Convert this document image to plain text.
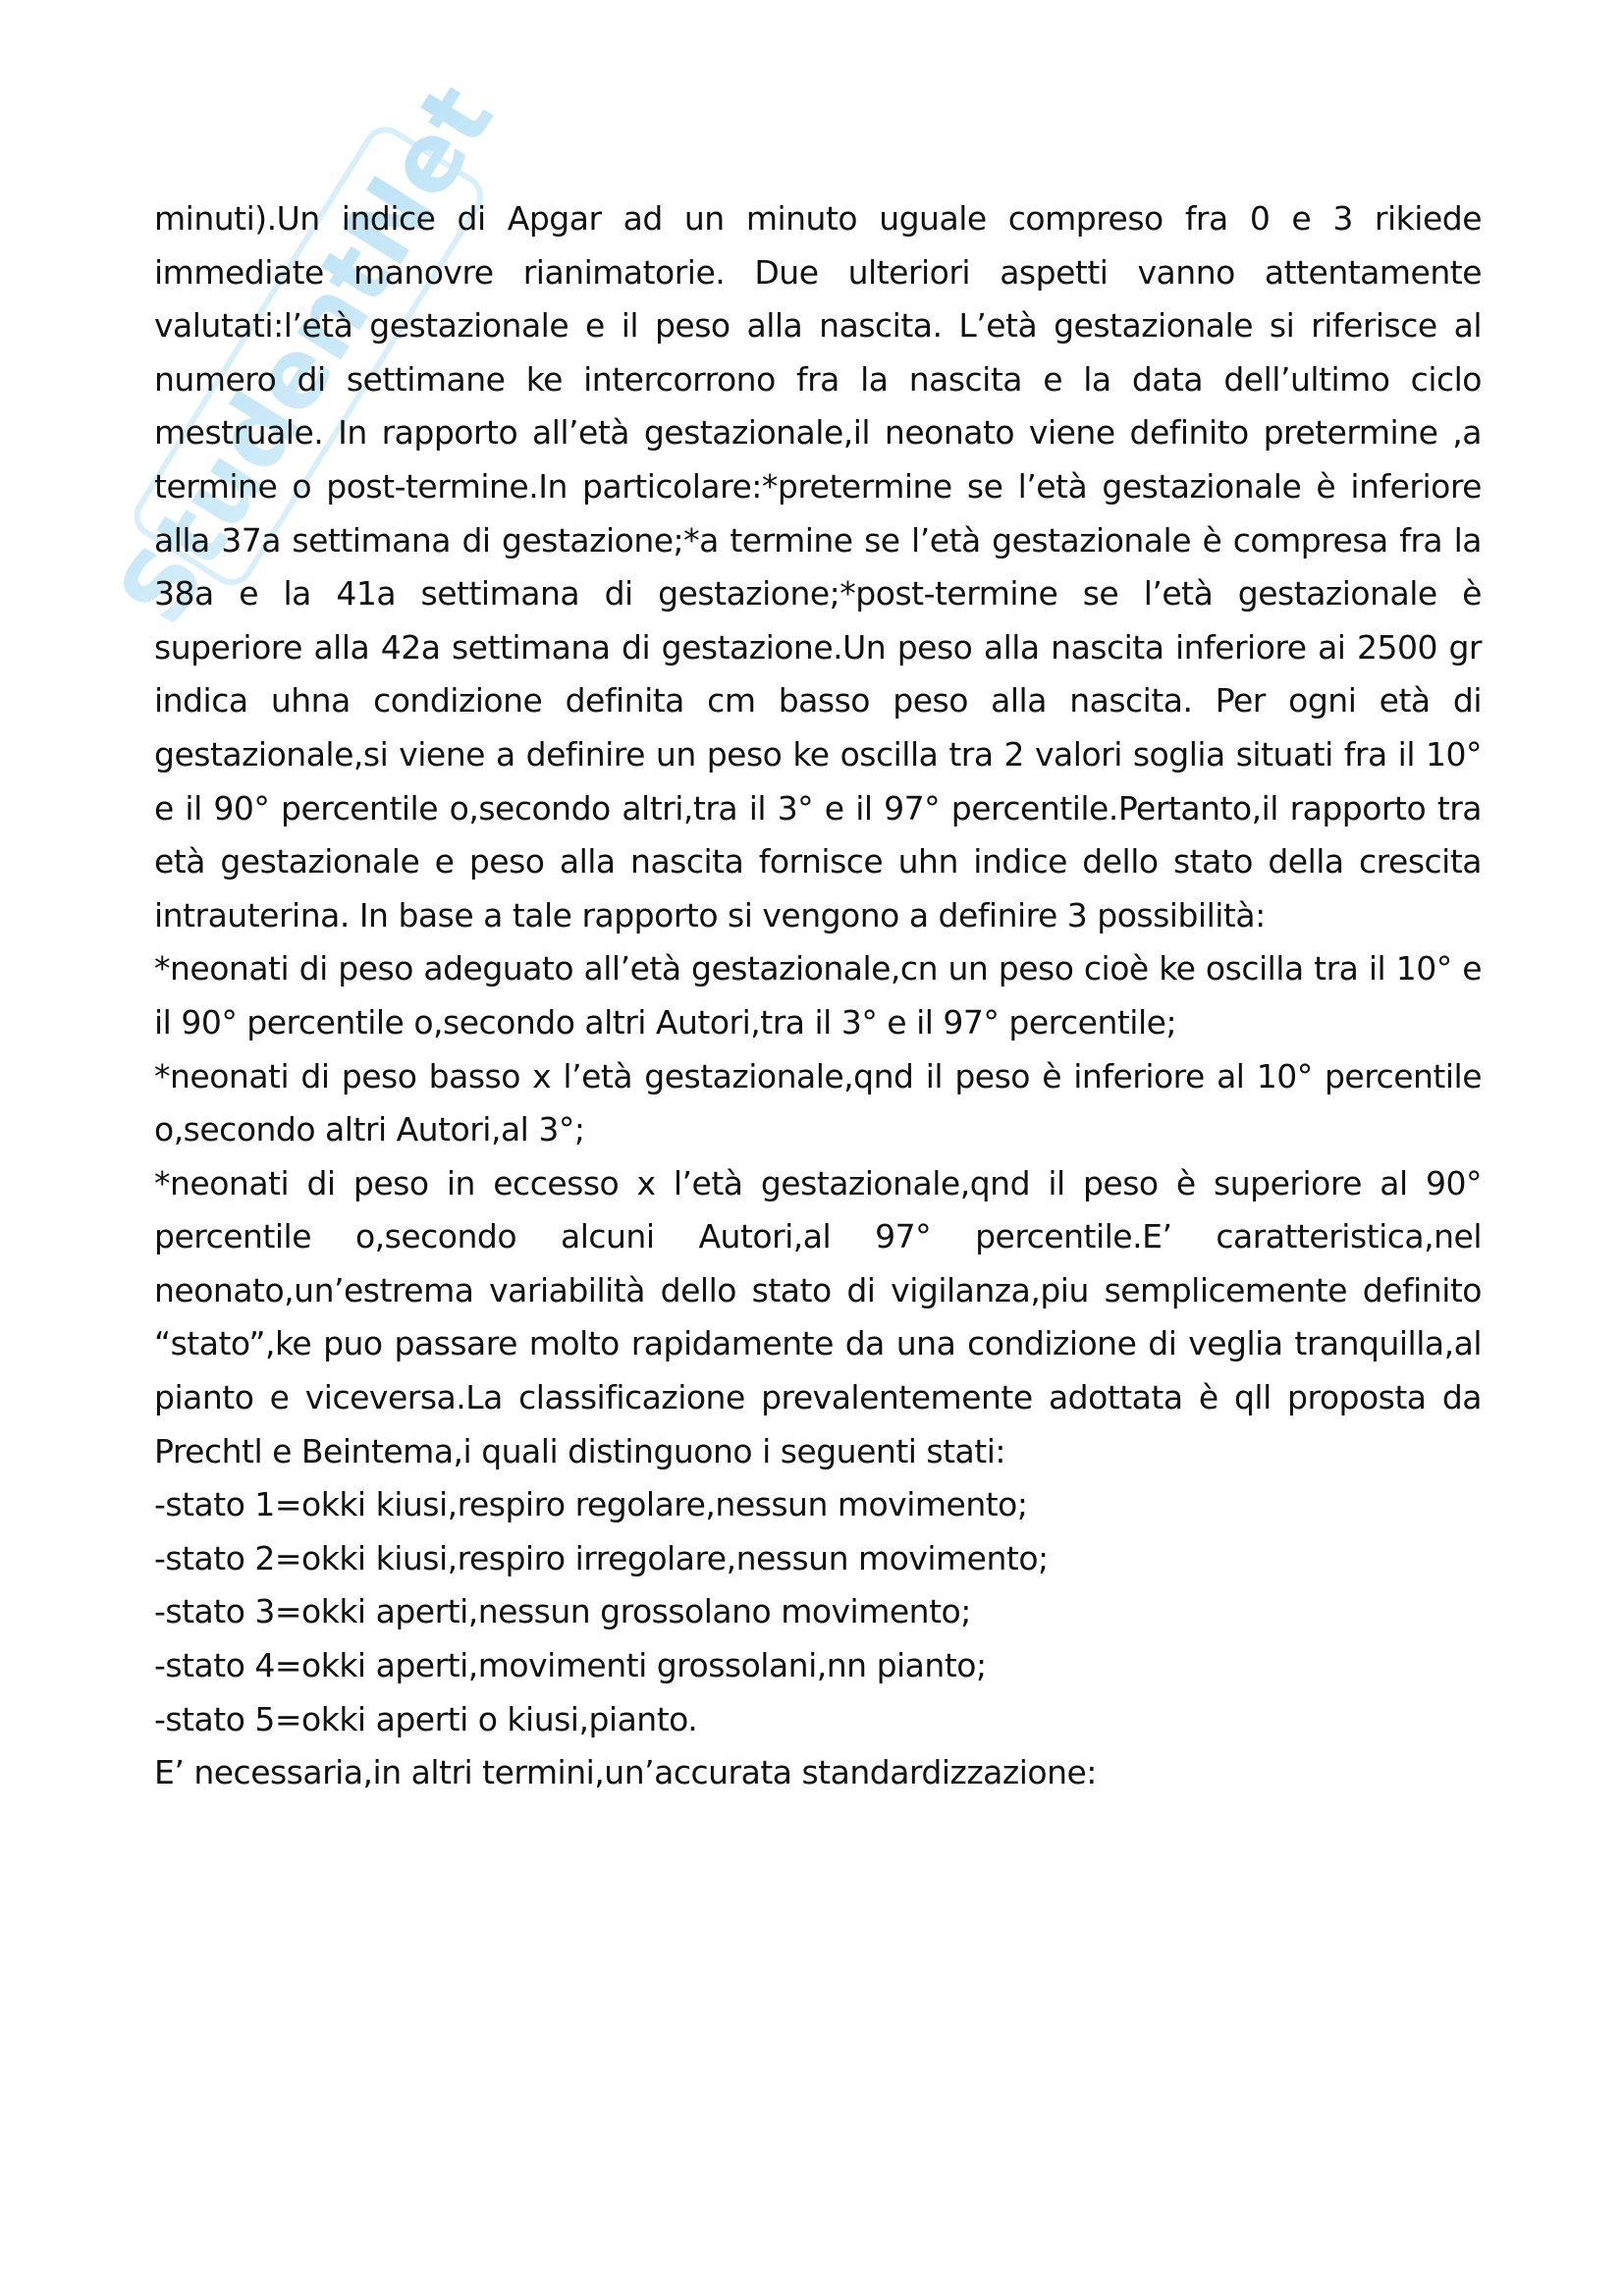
StudentNet

minuti).Un indice di Apgar ad un minuto uguale compreso fra 0 e 3 rikiede immediate manovre rianimatorie. Due ulteriori aspetti vanno attentamente valutati:l’età gestazionale e il peso alla nascita. L’età gestazionale si riferisce al numero di settimane ke intercorrono fra la nascita e la data dell’ultimo ciclo mestruale. In rapporto all’età gestazionale,il neonato viene definito pretermine ,a termine o post-termine.In particolare:*pretermine se l’età gestazionale è inferiore alla 37a settimana di gestazione;*a termine se l’età gestazionale è compresa fra la 38a e la 41a settimana di gestazione;*post-termine se l’età gestazionale è superiore alla 42a settimana di gestazione.Un peso alla nascita inferiore ai 2500 gr indica uhna condizione definita cm basso peso alla nascita. Per ogni età di gestazionale,si viene a definire un peso ke oscilla tra 2 valori soglia situati fra il 10° e il 90° percentile o,secondo altri,tra il 3° e il 97° percentile.Pertanto,il rapporto tra età gestazionale e peso alla nascita fornisce uhn indice dello stato della crescita intrauterina. In base a tale rapporto si vengono a definire 3 possibilità:

*neonati di peso adeguato all’età gestazionale,cn un peso cioè ke oscilla tra il 10° e il 90° percentile o,secondo altri Autori,tra il 3° e il 97° percentile;

*neonati di peso basso x l’età gestazionale,qnd il peso è inferiore al 10° percentile o,secondo altri Autori,al 3°;

*neonati di peso in eccesso x l’età gestazionale,qnd il peso è superiore al 90° percentile o,secondo alcuni Autori,al 97° percentile.E’ caratteristica,nel neonato,un’estrema variabilità dello stato di vigilanza,piu semplicemente definito “stato”,ke puo passare molto rapidamente da una condizione di veglia tranquilla,al pianto e viceversa.La classificazione prevalentemente adottata è qll proposta da Prechtl e Beintema,i quali distinguono i seguenti stati:

-stato 1=okki kiusi,respiro regolare,nessun movimento;

-stato 2=okki kiusi,respiro irregolare,nessun movimento;

-stato 3=okki aperti,nessun grossolano movimento;

-stato 4=okki aperti,movimenti grossolani,nn pianto;

-stato 5=okki aperti o kiusi,pianto.

E’ necessaria,in altri termini,un’accurata standardizzazione:
